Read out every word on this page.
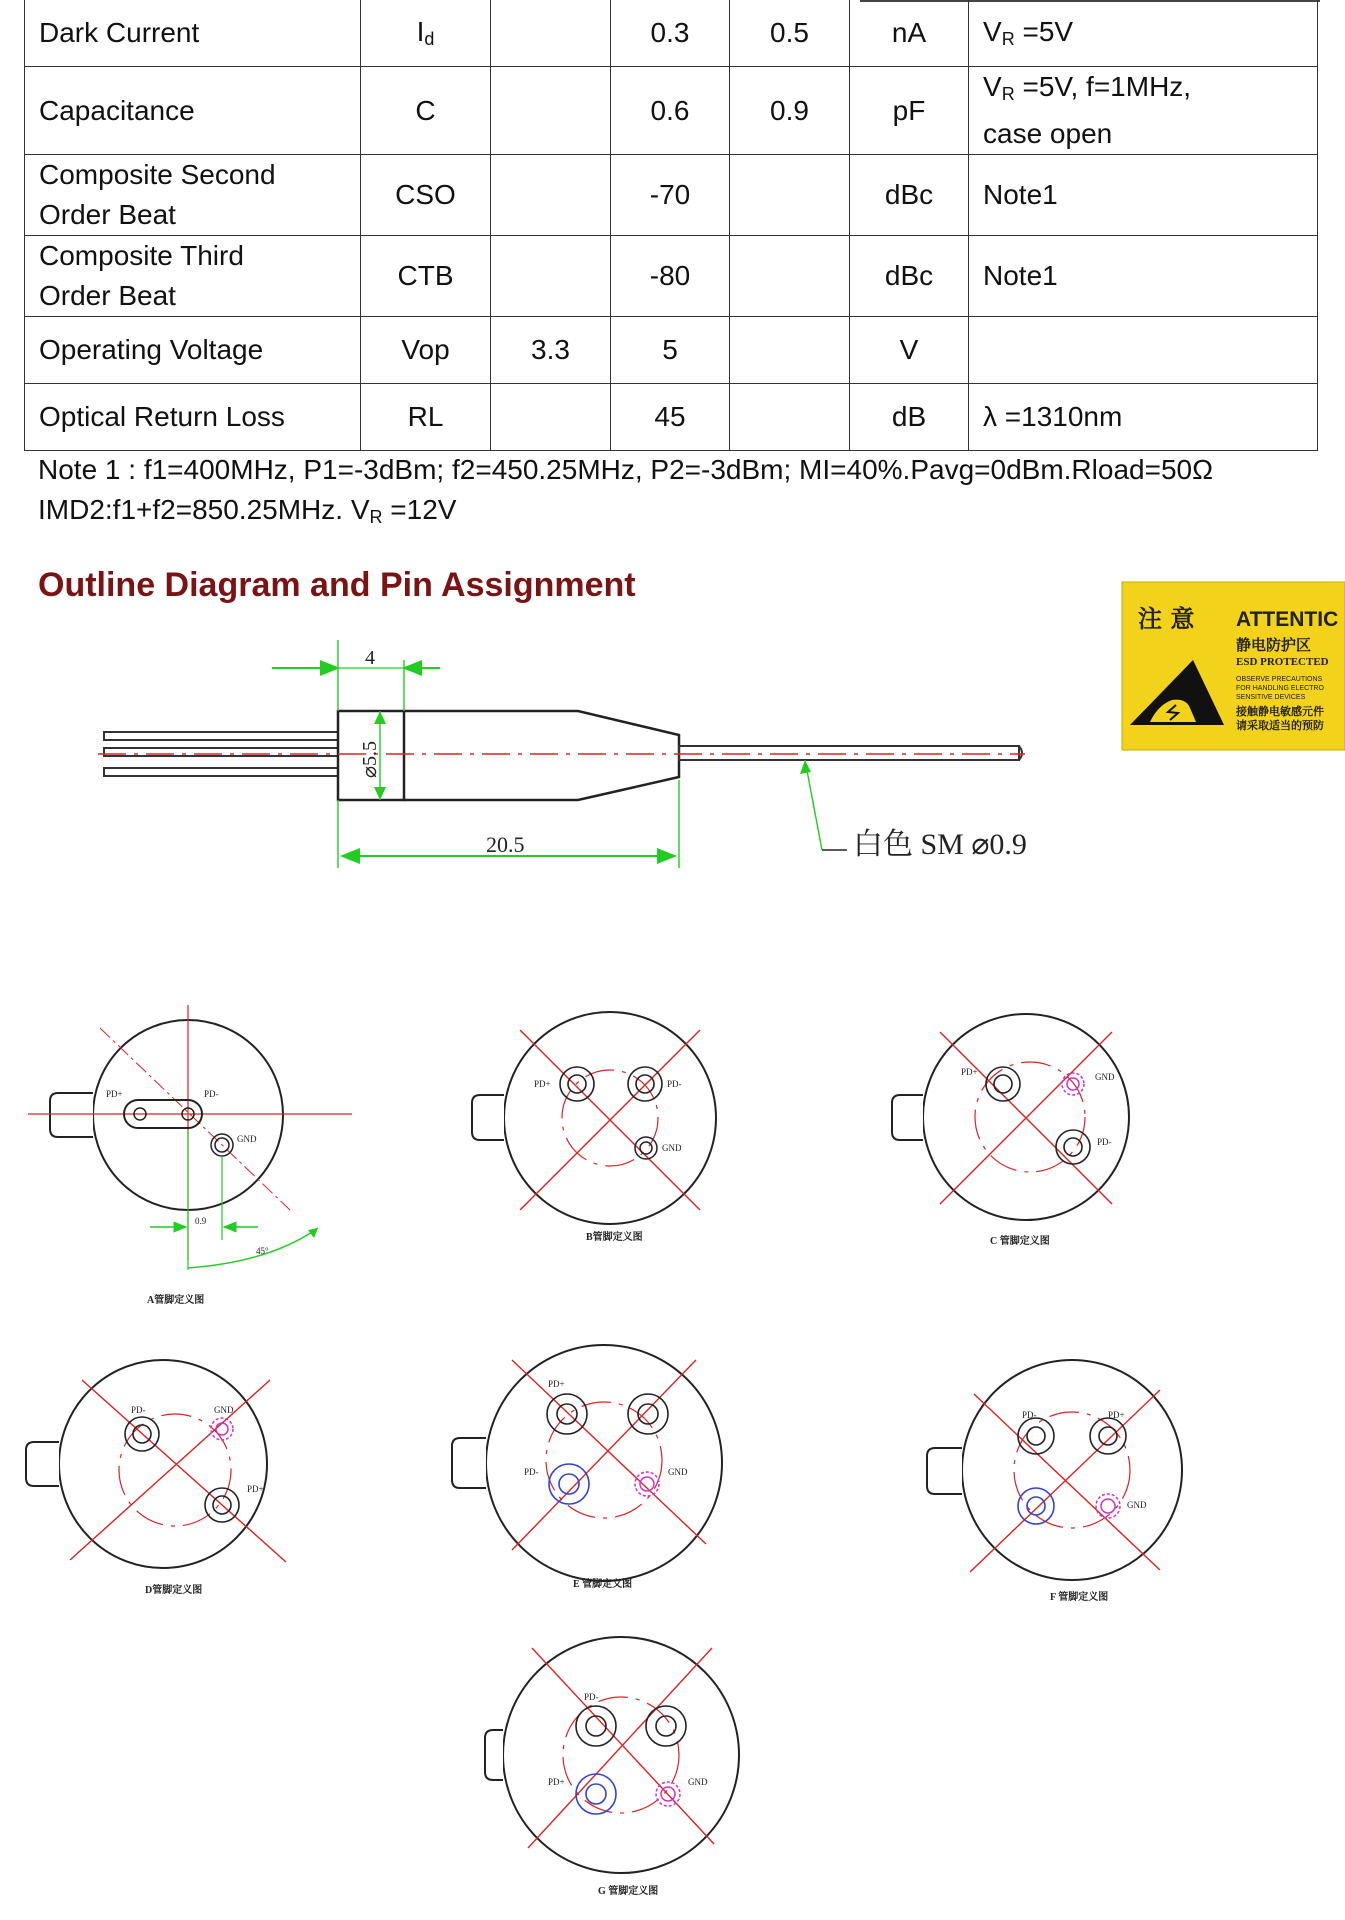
Dark Current	$I_d$		0.3	0.5	nA	$V_R =5V$
Capacitance	C		0.6	0.9	pF	$V_R =5V$, f=1MHz,
case open

Composite Second
Order Beat	CSO		-70		dBc	Note1

Composite Third
Order Beat	CTB		-80		dBc	Note1
Operating Voltage	Vop	3.3	5		V	
Optical Return Loss	RL		45		dB	λ =1310nm
Note 1 : f1=400MHz, P1=-3dBm; f2=450.25MHz, P2=-3dBm; MI=40%.Pavg=0dBm.Rload=50Ω
IMD2:f1+f2=850.25MHz. $V_R =12V$
Outline Diagram and Pin Assignment
注 意 ATTENTIC
静电防护区
ESD PROTECTED
OBSERVE PRECAUTIONS
FOR HANDLING ELECTRO
SENSITIVE DEVICES
接触静电敏感元件
请采取适当的预防
4
⌀5.5
20.5	白色 SM ⌀0.9
PD+	PD-
GND
0.9
45°
A管脚定义图
PD+	PD-
GND
B管脚定义图
PD+	GND
PD-
C 管脚定义图
PD-	GND
PD+
D管脚定义图
PD+
PD-	GND
E 管脚定义图
PD-	PD+
GND
F 管脚定义图
PD-
PD+	GND
G 管脚定义图
